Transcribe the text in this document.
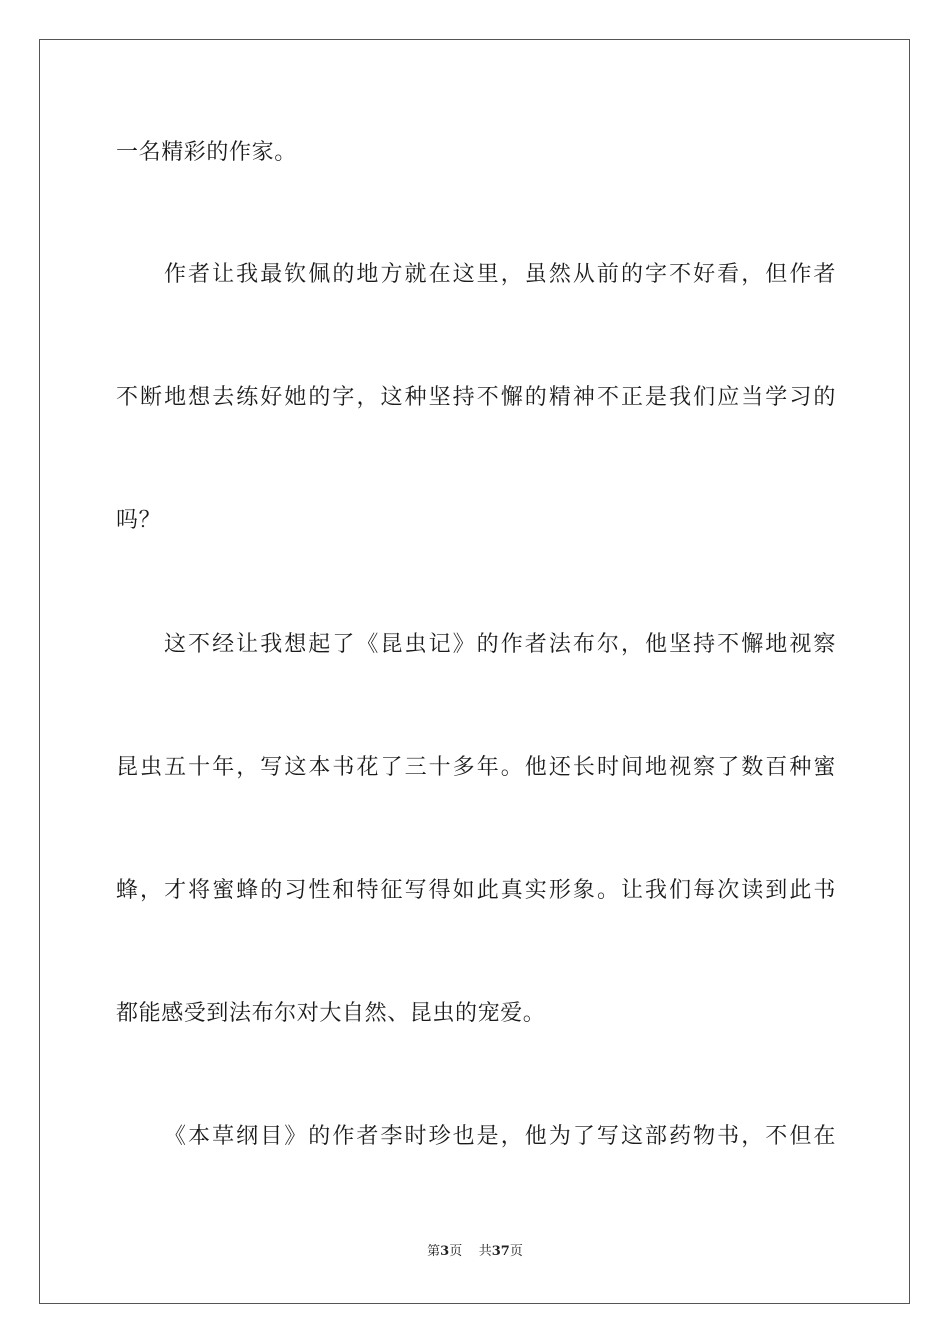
一名精彩的作家。
作者让我最钦佩的地方就在这里，虽然从前的字不好看，但作者
不断地想去练好她的字，这种坚持不懈的精神不正是我们应当学习的
吗？
这不经让我想起了《昆虫记》的作者法布尔，他坚持不懈地视察
昆虫五十年，写这本书花了三十多年。他还长时间地视察了数百种蜜
蜂，才将蜜蜂的习性和特征写得如此真实形象。让我们每次读到此书
都能感受到法布尔对大自然、昆虫的宠爱。
《本草纲目》的作者李时珍也是，他为了写这部药物书，不但在
第3页 共37页
